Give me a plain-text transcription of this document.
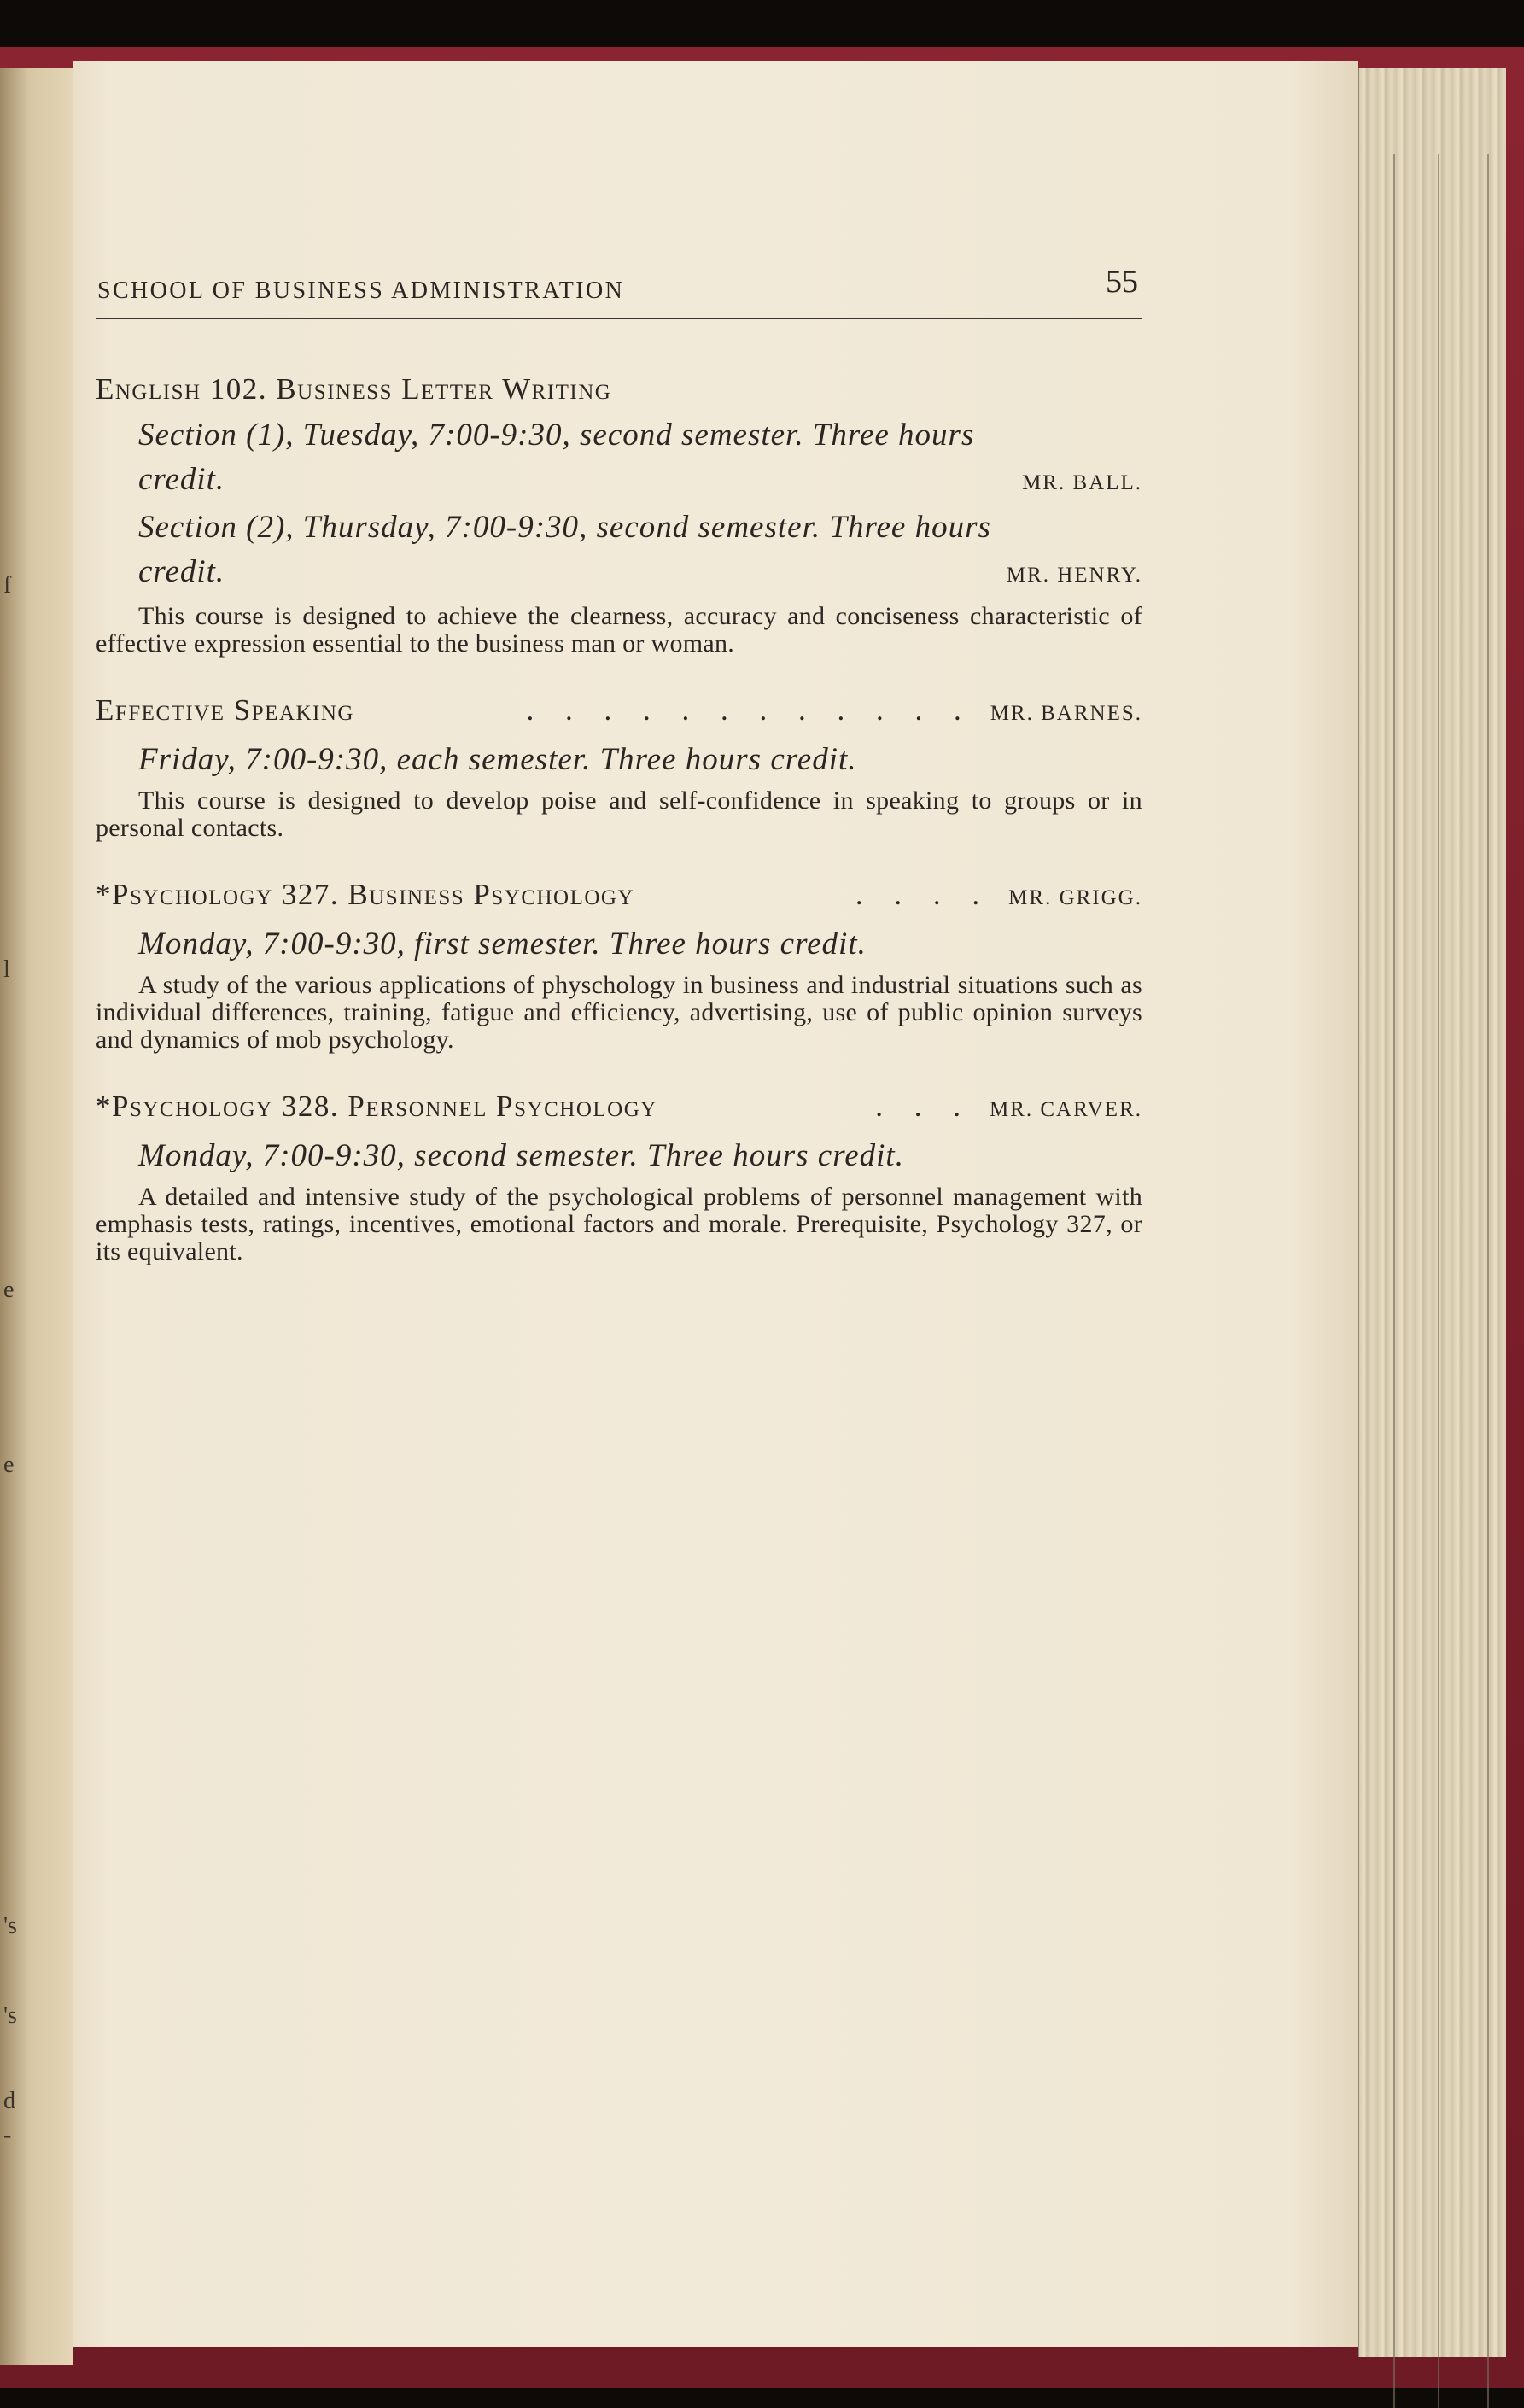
f
l
e
e
's
's
d
-
SCHOOL OF BUSINESS ADMINISTRATION	55
English 102. Business Letter Writing
Section (1), Tuesday, 7:00-9:30, second semester. Three hours
credit.	MR. BALL.
Section (2), Thursday, 7:00-9:30, second semester. Three hours
credit.	MR. HENRY.
This course is designed to achieve the clearness, accuracy and conciseness characteristic of effective expression essential to the business man or woman.
Effective Speaking	. . . . . . . . . . . . MR. BARNES.
Friday, 7:00-9:30, each semester. Three hours credit.
This course is designed to develop poise and self-confidence in speaking to groups or in personal contacts.
*Psychology 327. Business Psychology	. . . . MR. GRIGG.
Monday, 7:00-9:30, first semester. Three hours credit.
A study of the various applications of physchology in business and industrial situations such as individual differences, training, fatigue and efficiency, advertising, use of public opinion surveys and dynamics of mob psychology.
*Psychology 328. Personnel Psychology	. . . MR. CARVER.
Monday, 7:00-9:30, second semester. Three hours credit.
A detailed and intensive study of the psychological problems of personnel management with emphasis tests, ratings, incentives, emotional factors and morale. Prerequisite, Psychology 327, or its equivalent.
